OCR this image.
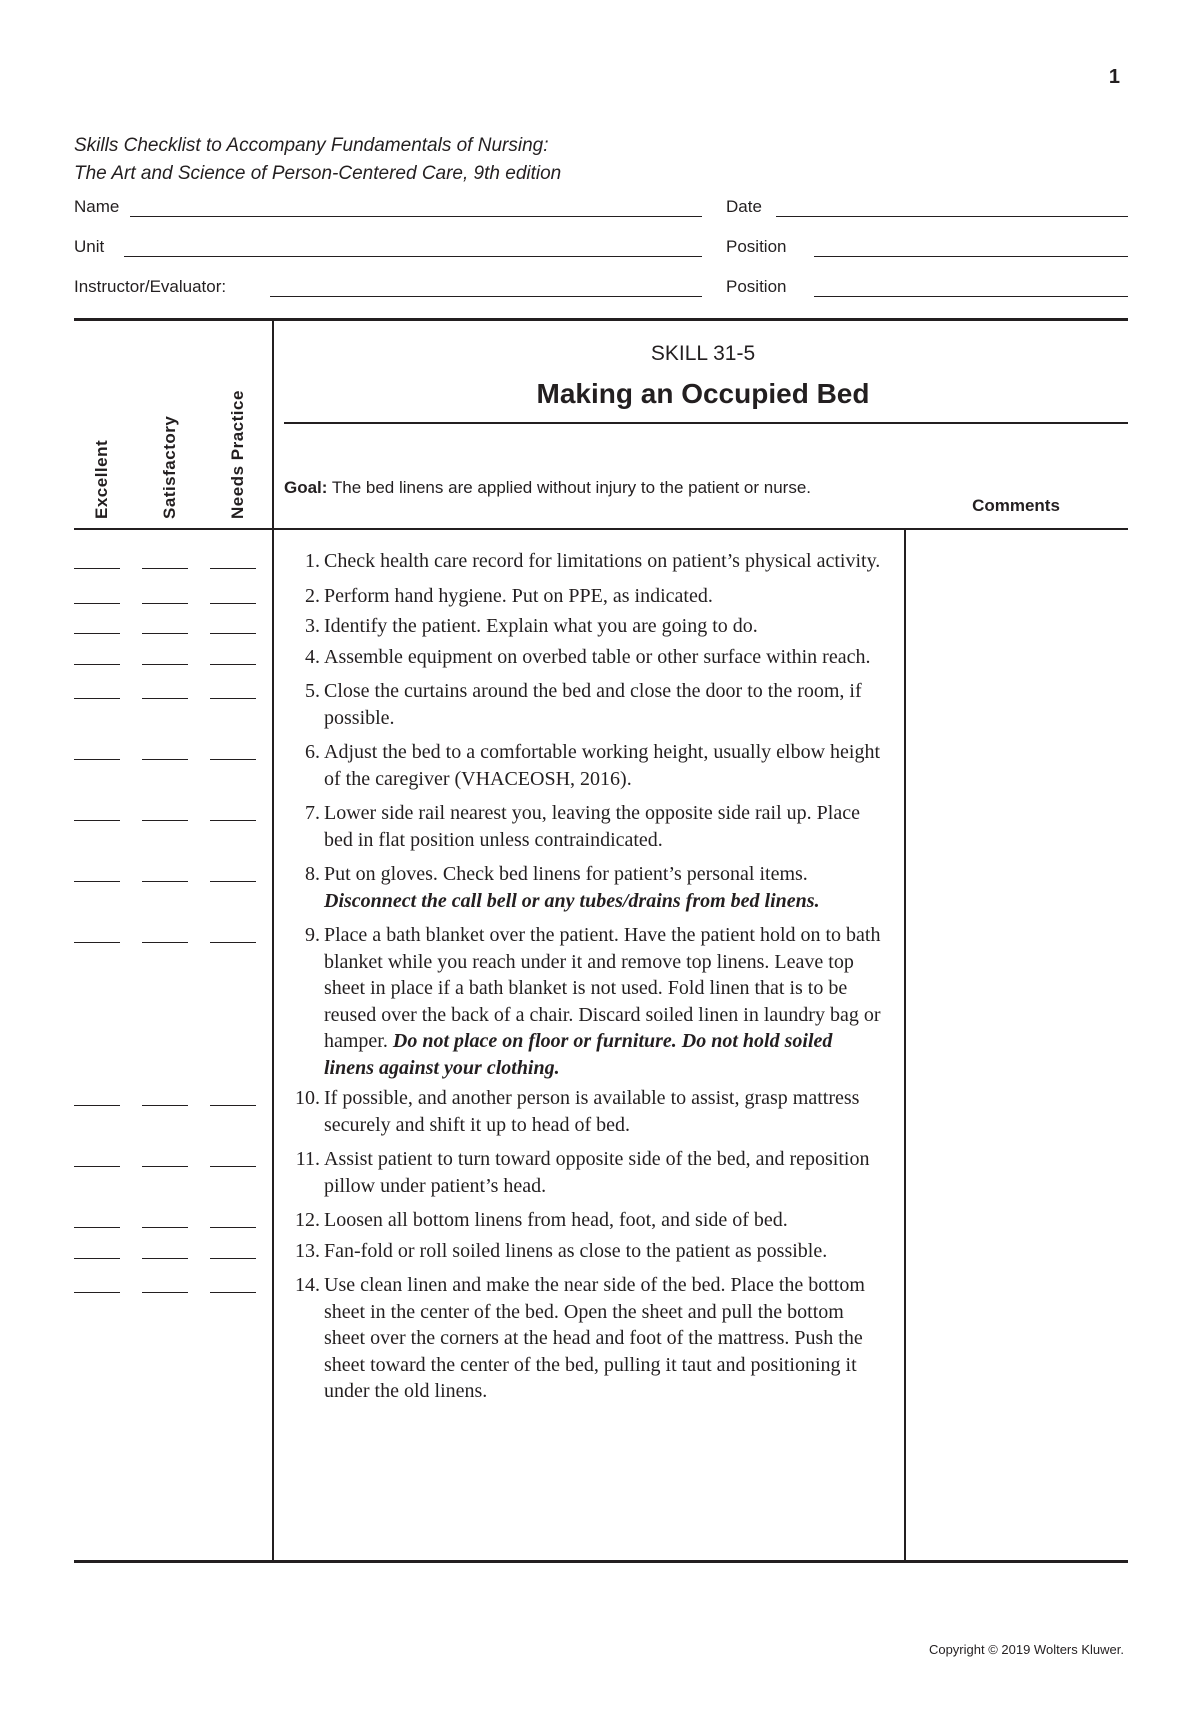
1
Skills Checklist to Accompany Fundamentals of Nursing:
The Art and Science of Person-Centered Care, 9th edition
Name	Date
Unit	Position
Instructor/Evaluator:	Position
Excellent	Satisfactory	Needs Practice
SKILL 31-5
Making an Occupied Bed
Goal: The bed linens are applied without injury to the patient or nurse.
Comments
1. Check health care record for limitations on patient’s physical activity.
2. Perform hand hygiene. Put on PPE, as indicated.
3. Identify the patient. Explain what you are going to do.
4. Assemble equipment on overbed table or other surface within reach.
5. Close the curtains around the bed and close the door to the room, if possible.
6. Adjust the bed to a comfortable working height, usually elbow height of the caregiver (VHACEOSH, 2016).
7. Lower side rail nearest you, leaving the opposite side rail up. Place bed in flat position unless contraindicated.
8. Put on gloves. Check bed linens for patient’s personal items. Disconnect the call bell or any tubes/drains from bed linens.
9. Place a bath blanket over the patient. Have the patient hold on to bath blanket while you reach under it and remove top linens. Leave top sheet in place if a bath blanket is not used. Fold linen that is to be reused over the back of a chair. Discard soiled linen in laundry bag or hamper. Do not place on floor or furniture. Do not hold soiled linens against your clothing.
10. If possible, and another person is available to assist, grasp mattress securely and shift it up to head of bed.
11. Assist patient to turn toward opposite side of the bed, and reposition pillow under patient’s head.
12. Loosen all bottom linens from head, foot, and side of bed.
13. Fan-fold or roll soiled linens as close to the patient as possible.
14. Use clean linen and make the near side of the bed. Place the bottom sheet in the center of the bed. Open the sheet and pull the bottom sheet over the corners at the head and foot of the mattress. Push the sheet toward the center of the bed, pulling it taut and positioning it under the old linens.
Copyright © 2019 Wolters Kluwer.
